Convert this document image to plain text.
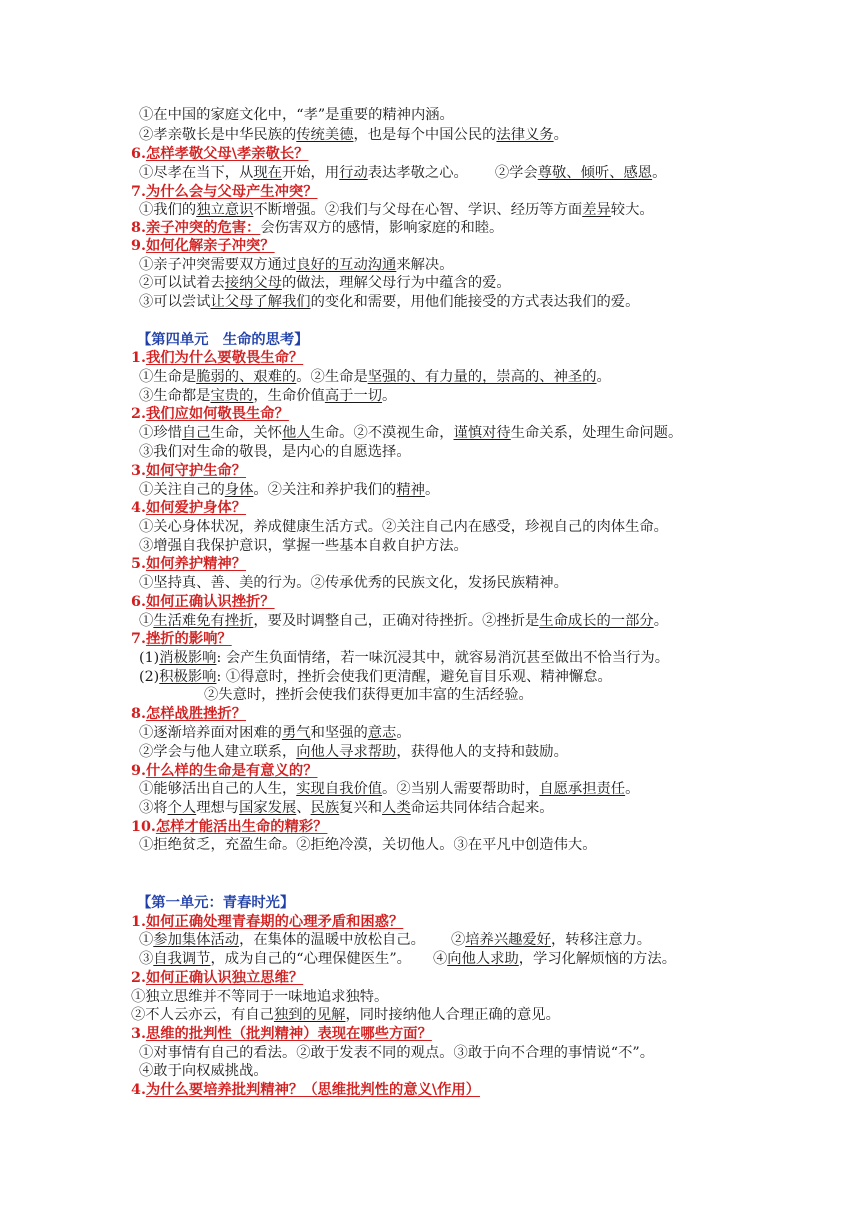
①在中国的家庭文化中，“孝”是重要的精神内涵。
②孝亲敬长是中华民族的传统美德，也是每个中国公民的法律义务。
6.怎样孝敬父母\孝亲敬长？
①尽孝在当下，从现在开始，用行动表达孝敬之心。 ②学会尊敬、倾听、感恩。
7.为什么会与父母产生冲突？
①我们的独立意识不断增强。②我们与父母在心智、学识、经历等方面差异较大。
8.亲子冲突的危害：会伤害双方的感情，影响家庭的和睦。
9.如何化解亲子冲突？
①亲子冲突需要双方通过良好的互动沟通来解决。
②可以试着去接纳父母的做法，理解父母行为中蕴含的爱。
③可以尝试让父母了解我们的变化和需要，用他们能接受的方式表达我们的爱。
【第四单元　生命的思考】
1.我们为什么要敬畏生命？
①生命是脆弱的、艰难的。②生命是坚强的、有力量的，崇高的、神圣的。
③生命都是宝贵的，生命价值高于一切。
2.我们应如何敬畏生命？
①珍惜自己生命，关怀他人生命。②不漠视生命，谨慎对待生命关系，处理生命问题。
③我们对生命的敬畏，是内心的自愿选择。
3.如何守护生命？
①关注自己的身体。②关注和养护我们的精神。
4.如何爱护身体？
①关心身体状况，养成健康生活方式。②关注自己内在感受，珍视自己的肉体生命。
③增强自我保护意识，掌握一些基本自救自护方法。
5.如何养护精神？
①坚持真、善、美的行为。②传承优秀的民族文化，发扬民族精神。
6.如何正确认识挫折？
①生活难免有挫折，要及时调整自己，正确对待挫折。②挫折是生命成长的一部分。
7.挫折的影响？
(1)消极影响: 会产生负面情绪，若一味沉浸其中，就容易消沉甚至做出不恰当行为。
(2)积极影响: ①得意时，挫折会使我们更清醒，避免盲目乐观、精神懈怠。
②失意时，挫折会使我们获得更加丰富的生活经验。
8.怎样战胜挫折？
①逐渐培养面对困难的勇气和坚强的意志。
②学会与他人建立联系，向他人寻求帮助，获得他人的支持和鼓励。
9.什么样的生命是有意义的？
①能够活出自己的人生，实现自我价值。②当别人需要帮助时，自愿承担责任。
③将个人理想与国家发展、民族复兴和人类命运共同体结合起来。
10.怎样才能活出生命的精彩？
①拒绝贫乏，充盈生命。②拒绝冷漠，关切他人。③在平凡中创造伟大。
【第一单元：青春时光】
1.如何正确处理青春期的心理矛盾和困惑？
①参加集体活动，在集体的温暖中放松自己。 ②培养兴趣爱好，转移注意力。
③自我调节，成为自己的“心理保健医生”。 ④向他人求助，学习化解烦恼的方法。
2.如何正确认识独立思维？
①独立思维并不等同于一味地追求独特。
②不人云亦云，有自己独到的见解，同时接纳他人合理正确的意见。
3.思维的批判性（批判精神）表现在哪些方面？
①对事情有自己的看法。②敢于发表不同的观点。③敢于向不合理的事情说“不”。
④敢于向权威挑战。
4.为什么要培养批判精神？（思维批判性的意义\作用）
